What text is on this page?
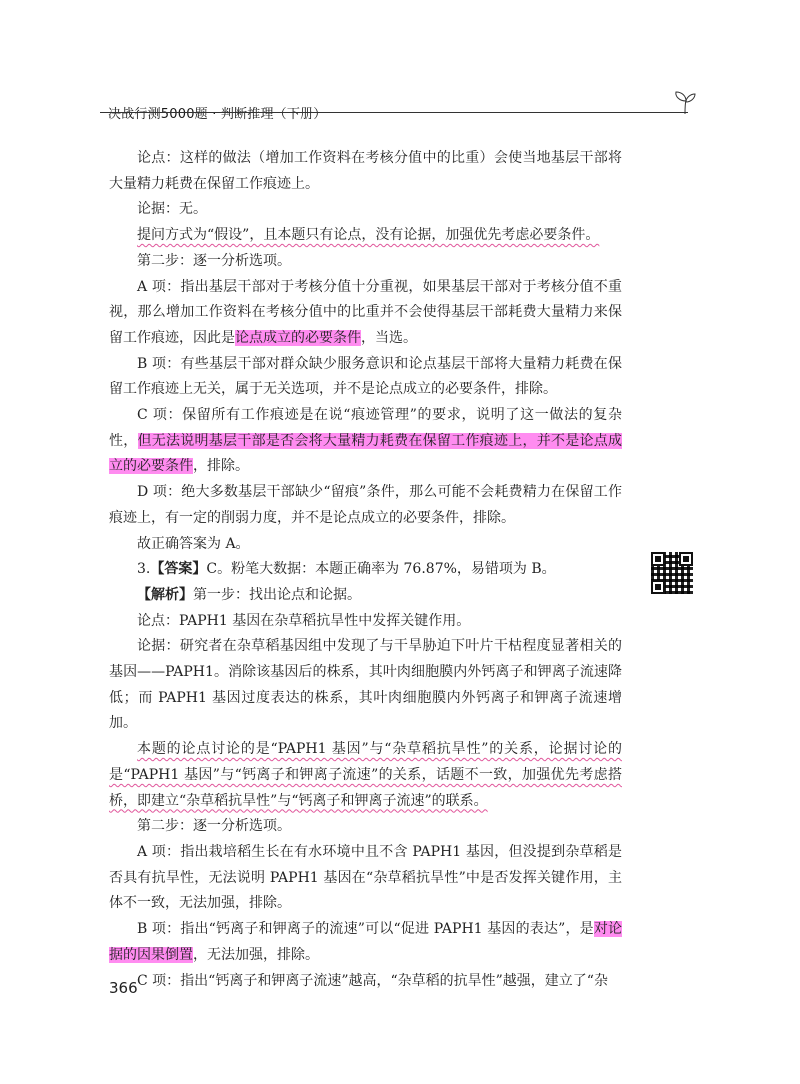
决战行测5000题 · 判断推理（下册）

论点：这样的做法（增加工作资料在考核分值中的比重）会使当地基层干部将大量精力耗费在保留工作痕迹上。

论据：无。

提问方式为“假设”，且本题只有论点，没有论据，加强优先考虑必要条件。

第二步：逐一分析选项。

A 项：指出基层干部对于考核分值十分重视，如果基层干部对于考核分值不重视，那么增加工作资料在考核分值中的比重并不会使得基层干部耗费大量精力来保留工作痕迹，因此是论点成立的必要条件，当选。

B 项：有些基层干部对群众缺少服务意识和论点基层干部将大量精力耗费在保留工作痕迹上无关，属于无关选项，并不是论点成立的必要条件，排除。

C 项：保留所有工作痕迹是在说“痕迹管理”的要求，说明了这一做法的复杂性，但无法说明基层干部是否会将大量精力耗费在保留工作痕迹上，并不是论点成立的必要条件，排除。

D 项：绝大多数基层干部缺少“留痕”条件，那么可能不会耗费精力在保留工作痕迹上，有一定的削弱力度，并不是论点成立的必要条件，排除。

故正确答案为 A。

3.【答案】C。粉笔大数据：本题正确率为 76.87%，易错项为 B。

【解析】第一步：找出论点和论据。

论点：PAPH1 基因在杂草稻抗旱性中发挥关键作用。

论据：研究者在杂草稻基因组中发现了与干旱胁迫下叶片干枯程度显著相关的基因——PAPH1。消除该基因后的株系，其叶肉细胞膜内外钙离子和钾离子流速降低；而 PAPH1 基因过度表达的株系，其叶肉细胞膜内外钙离子和钾离子流速增加。

本题的论点讨论的是“PAPH1 基因”与“杂草稻抗旱性”的关系，论据讨论的是“PAPH1 基因”与“钙离子和钾离子流速”的关系，话题不一致，加强优先考虑搭桥，即建立“杂草稻抗旱性”与“钙离子和钾离子流速”的联系。

第二步：逐一分析选项。

A 项：指出栽培稻生长在有水环境中且不含 PAPH1 基因，但没提到杂草稻是否具有抗旱性，无法说明 PAPH1 基因在“杂草稻抗旱性”中是否发挥关键作用，主体不一致，无法加强，排除。

B 项：指出“钙离子和钾离子的流速”可以“促进 PAPH1 基因的表达”，是对论据的因果倒置，无法加强，排除。

C 项：指出“钙离子和钾离子流速”越高，“杂草稻的抗旱性”越强，建立了“杂

366
